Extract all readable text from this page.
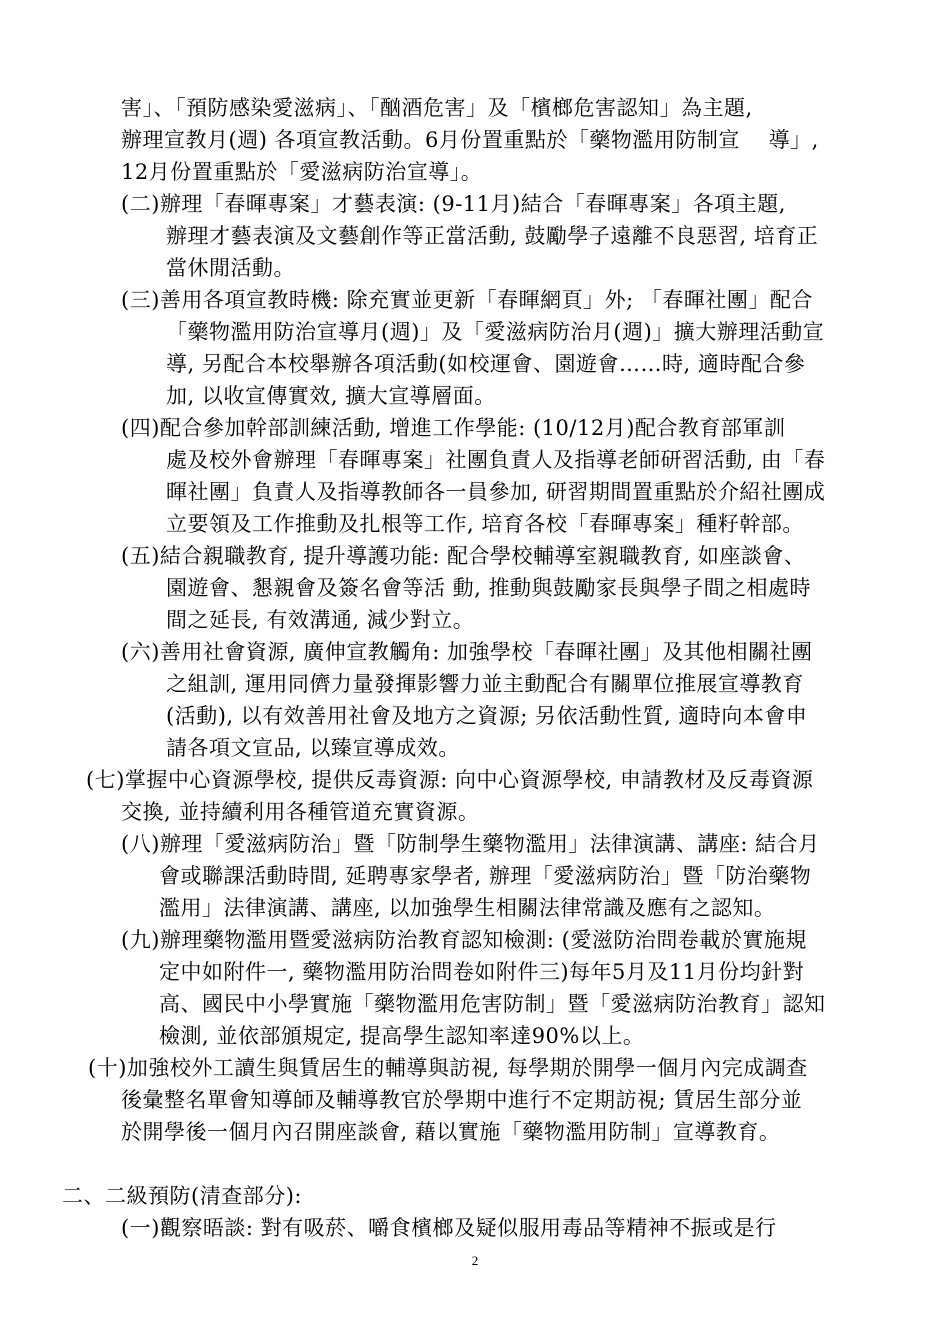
害」、「預防感染愛滋病」、「酗酒危害」及「檳榔危害認知」為主題,
辦理宣教月(週) 各項宣教活動。6月份置重點於「藥物濫用防制宣　 導」,
12月份置重點於「愛滋病防治宣導」。
(二)辦理「春暉專案」才藝表演: (9-11月)結合「春暉專案」各項主題,
辦理才藝表演及文藝創作等正當活動, 鼓勵學子遠離不良惡習, 培育正
當休閒活動。
(三)善用各項宣教時機: 除充實並更新「春暉網頁」外; 「春暉社團」配合
「藥物濫用防治宣導月(週)」及「愛滋病防治月(週)」擴大辦理活動宣
導, 另配合本校舉辦各項活動(如校運會、園遊會……時, 適時配合參
加, 以收宣傳實效, 擴大宣導層面。
(四)配合參加幹部訓練活動, 增進工作學能: (10/12月)配合教育部軍訓
處及校外會辦理「春暉專案」社團負責人及指導老師研習活動, 由「春
暉社團」負責人及指導教師各一員參加, 研習期間置重點於介紹社團成
立要領及工作推動及扎根等工作, 培育各校「春暉專案」種籽幹部。
(五)結合親職教育, 提升導護功能: 配合學校輔導室親職教育, 如座談會、
園遊會、懇親會及簽名會等活 動, 推動與鼓勵家長與學子間之相處時
間之延長, 有效溝通, 減少對立。
(六)善用社會資源, 廣伸宣教觸角: 加強學校「春暉社團」及其他相關社團
之組訓, 運用同儕力量發揮影響力並主動配合有關單位推展宣導教育
(活動), 以有效善用社會及地方之資源; 另依活動性質, 適時向本會申
請各項文宣品, 以臻宣導成效。
(七)掌握中心資源學校, 提供反毒資源: 向中心資源學校, 申請教材及反毒資源
交換, 並持續利用各種管道充實資源。
(八)辦理「愛滋病防治」暨「防制學生藥物濫用」法律演講、講座: 結合月
會或聯課活動時間, 延聘專家學者, 辦理「愛滋病防治」暨「防治藥物
濫用」法律演講、講座, 以加強學生相關法律常識及應有之認知。
(九)辦理藥物濫用暨愛滋病防治教育認知檢測: (愛滋防治問卷載於實施規
定中如附件一, 藥物濫用防治問卷如附件三)每年5月及11月份均針對
高、國民中小學實施「藥物濫用危害防制」暨「愛滋病防治教育」認知
檢測, 並依部頒規定, 提高學生認知率達90%以上。
(十)加強校外工讀生與賃居生的輔導與訪視, 每學期於開學一個月內完成調查
後彙整名單會知導師及輔導教官於學期中進行不定期訪視; 賃居生部分並
於開學後一個月內召開座談會, 藉以實施「藥物濫用防制」宣導教育。
二、二級預防(清查部分):
(一)觀察晤談: 對有吸菸、嚼食檳榔及疑似服用毒品等精神不振或是行
2
